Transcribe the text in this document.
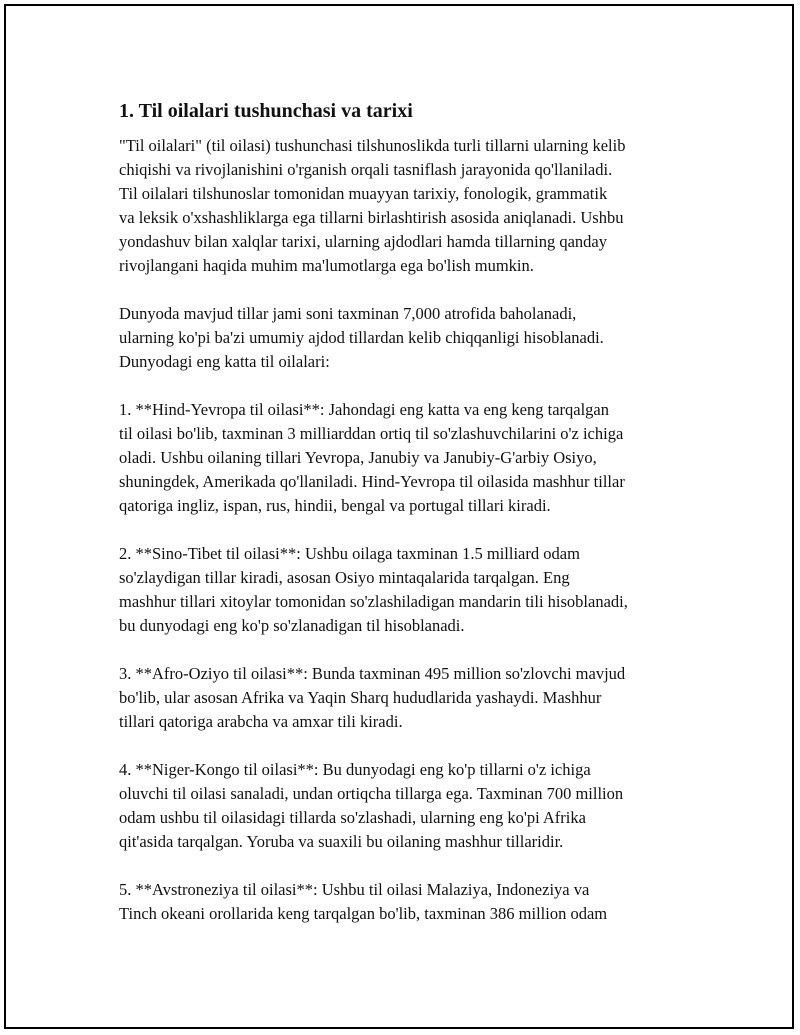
1. Til oilalari tushunchasi va tarixi
"Til oilalari" (til oilasi) tushunchasi tilshunoslikda turli tillarni ularning kelib
chiqishi va rivojlanishini o'rganish orqali tasniflash jarayonida qo'llaniladi.
Til oilalari tilshunoslar tomonidan muayyan tarixiy, fonologik, grammatik
va leksik o'xshashliklarga ega tillarni birlashtirish asosida aniqlanadi. Ushbu
yondashuv bilan xalqlar tarixi, ularning ajdodlari hamda tillarning qanday
rivojlangani haqida muhim ma'lumotlarga ega bo'lish mumkin.
Dunyoda mavjud tillar jami soni taxminan 7,000 atrofida baholanadi,
ularning ko'pi ba'zi umumiy ajdod tillardan kelib chiqqanligi hisoblanadi.
Dunyodagi eng katta til oilalari:
1. **Hind-Yevropa til oilasi**: Jahondagi eng katta va eng keng tarqalgan
til oilasi bo'lib, taxminan 3 milliarddan ortiq til so'zlashuvchilarini o'z ichiga
oladi. Ushbu oilaning tillari Yevropa, Janubiy va Janubiy-G'arbiy Osiyo,
shuningdek, Amerikada qo'llaniladi. Hind-Yevropa til oilasida mashhur tillar
qatoriga ingliz, ispan, rus, hindii, bengal va portugal tillari kiradi.
2. **Sino-Tibet til oilasi**: Ushbu oilaga taxminan 1.5 milliard odam
so'zlaydigan tillar kiradi, asosan Osiyo mintaqalarida tarqalgan. Eng
mashhur tillari xitoylar tomonidan so'zlashiladigan mandarin tili hisoblanadi,
bu dunyodagi eng ko'p so'zlanadigan til hisoblanadi.
3. **Afro-Oziyo til oilasi**: Bunda taxminan 495 million so'zlovchi mavjud
bo'lib, ular asosan Afrika va Yaqin Sharq hududlarida yashaydi. Mashhur
tillari qatoriga arabcha va amxar tili kiradi.
4. **Niger-Kongo til oilasi**: Bu dunyodagi eng ko'p tillarni o'z ichiga
oluvchi til oilasi sanaladi, undan ortiqcha tillarga ega. Taxminan 700 million
odam ushbu til oilasidagi tillarda so'zlashadi, ularning eng ko'pi Afrika
qit'asida tarqalgan. Yoruba va suaxili bu oilaning mashhur tillaridir.
5. **Avstroneziya til oilasi**: Ushbu til oilasi Malaziya, Indoneziya va
Tinch okeani orollarida keng tarqalgan bo'lib, taxminan 386 million odam
